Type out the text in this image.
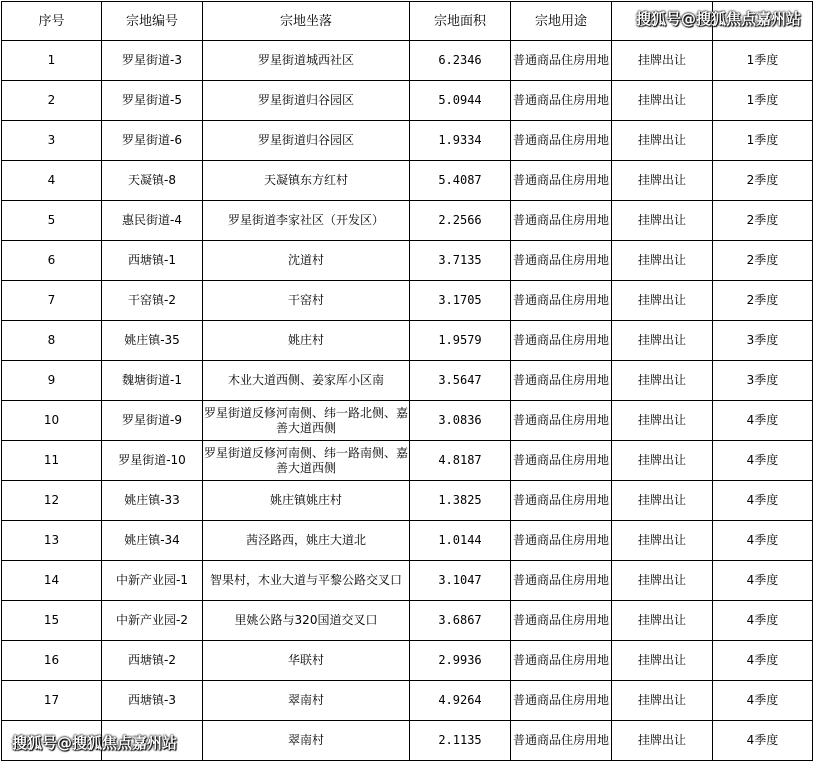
序号	宗地编号	宗地坐落	宗地面积	宗地用途		
1	罗星街道-3	罗星街道城西社区	6.2346	普通商品住房用地	挂牌出让	1季度
2	罗星街道-5	罗星街道归谷园区	5.0944	普通商品住房用地	挂牌出让	1季度
3	罗星街道-6	罗星街道归谷园区	1.9334	普通商品住房用地	挂牌出让	1季度
4	天凝镇-8	天凝镇东方红村	5.4087	普通商品住房用地	挂牌出让	2季度
5	惠民街道-4	罗星街道李家社区（开发区）	2.2566	普通商品住房用地	挂牌出让	2季度
6	西塘镇-1	沈道村	3.7135	普通商品住房用地	挂牌出让	2季度
7	干窑镇-2	干窑村	3.1705	普通商品住房用地	挂牌出让	2季度
8	姚庄镇-35	姚庄村	1.9579	普通商品住房用地	挂牌出让	3季度
9	魏塘街道-1	木业大道西侧、姜家厍小区南	3.5647	普通商品住房用地	挂牌出让	3季度
10	罗星街道-9	罗星街道反修河南侧、纬一路北侧、嘉善大道西侧	3.0836	普通商品住房用地	挂牌出让	4季度
11	罗星街道-10	罗星街道反修河南侧、纬一路南侧、嘉善大道西侧	4.8187	普通商品住房用地	挂牌出让	4季度
12	姚庄镇-33	姚庄镇姚庄村	1.3825	普通商品住房用地	挂牌出让	4季度
13	姚庄镇-34	茜泾路西，姚庄大道北	1.0144	普通商品住房用地	挂牌出让	4季度
14	中新产业园-1	智果村，木业大道与平黎公路交叉口	3.1047	普通商品住房用地	挂牌出让	4季度
15	中新产业园-2	里姚公路与320国道交叉口	3.6867	普通商品住房用地	挂牌出让	4季度
16	西塘镇-2	华联村	2.9936	普通商品住房用地	挂牌出让	4季度
17	西塘镇-3	翠南村	4.9264	普通商品住房用地	挂牌出让	4季度
		翠南村	2.1135	普通商品住房用地	挂牌出让	4季度
搜狐号@搜狐焦点嘉州站
搜狐号@搜狐焦点嘉州站
